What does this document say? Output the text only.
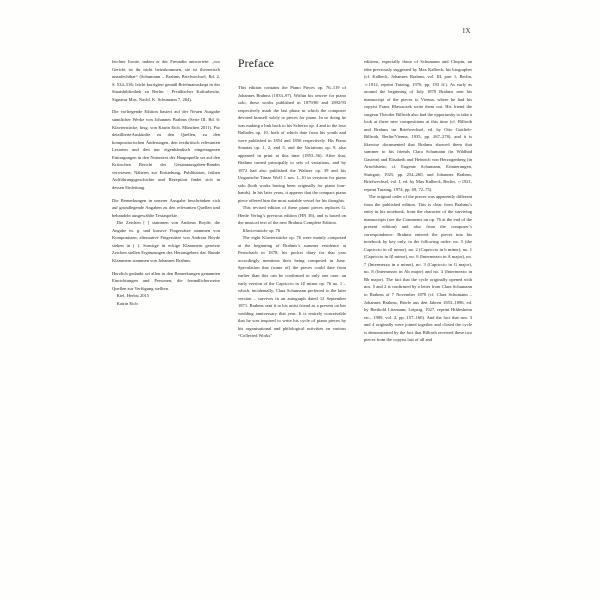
IX

leichter Ironie, indem er der Freundin antwortete: „vor Gericht ist ihr nicht beizukommen, sie ist theoretisch unanfechtbar“ (Schumann – Brahms Briefwechsel, Bd. 2, S. 534–536; leicht korrigiert gemäß Briefmanuskript in der Staatsbibliothek zu Berlin · Preußischer Kulturbesitz, Signatur Mus. Nachl. K. Schumann 7, 284).

Die vorliegende Edition basiert auf der Neuen Ausgabe sämtlicher Werke von Johannes Brahms (Serie III, Bd. 6: Klavierstücke, hrsg. von Katrin Eich, München 2011). Für detaillierteAuskünfte zu den Quellen, zu den kompositorischen Änderungen, den textkritisch relevanten Lesarten und den nur eigenhändisch eingetragenen Eintragungen in den Notentext der Hauptquelle sei auf den Kritischen Bericht des Gesamtausgaben-Bandes verwiesen; Näheres zur Entstehung, Publikation, frühen Aufführungsgeschichte und Rezeption findet sich in dessen Einleitung.

Die Bemerkungen in unserer Ausgabe beschränken sich auf grundlegende Angaben zu den relevanten Quellen und behandeln ausgewählte Textaspekte.

Die Zeichen [ ] stammen von Andreas Boyde, die Angabe m. g. und kursive Fingersätze stammen von Komponisten; alternative Fingersätze von Andreas Boyde stehen in ( ). Sonstige in eckige Klammern gesetzte Zeichen stellen Ergänzungen des Herausgebers dar. Runde Klammern stammen von Johannes Brahms.

Herzlich gedankt sei allen in den Bemerkungen genannten Einrichtungen und Personen, die freundlicherweise Quellen zur Verfügung stellten.

Kiel, Herbst 2015

Katrin Eich

Preface

This edition contains the Piano Pieces op. 76–119 of Johannes Brahms (1833–97). Within his oeuvre for piano solo, these works published in 1879/80 and 1892/93 respectively mark the last phase in which the composer devoted himself solely to pieces for piano. In so doing he was making a link back to his Scherzo op. 4 and to the four Ballades op. 10, both of which date from his youth and were published in 1854 and 1856 respectively. His Piano Sonatas op. 1, 2, and 5, and the Variations op. 9, also appeared in print at this time (1853–56). After that, Brahms turned principally to sets of variations, and by 1872 had also published the Waltzer op. 39 and his Ungarische Tänze WoO 1 nos. 1–10 in versions for piano solo (both works having been originally for piano four-hands). In his later years, it appears that the compact piano piece offered him the most suitable vessel for his thoughts.

This revised edition of these piano pieces replaces G. Henle Verlag’s previous edition (HN 36), and is based on the musical text of the new Brahms Complete Edition.

Klavierstücke op. 76

The eight Klavierstücke op. 76 were mainly composed at the beginning of Brahms’s summer residence at Pertschach in 1878; his pocket diary for that year accordingly mentions their being composed in June. Speculation that (some of) the pieces could date from earlier than this can be confirmed in only one case: an early version of the Capriccio in f♯ minor op. 76 no. 1 – which, incidentally, Clara Schumann preferred to the later version – survives in an autograph dated 12 September 1871. Brahms sent it to his artist friend as a present on her wedding anniversary that year. It is entirely conceivable that he was inspired to write his cycle of piano pieces by his organisational and philological activities on various “Collected Works”

editions, especially those of Schumann and Chopin, an idea previously suggested by Max Kalbeck, his biographer (cf. Kalbeck, Johannes Brahms, vol. III, part 1, Berlin, ⇔1912, reprint Tutzing, 1976, pp. 193 ff.). As early as around the beginning of July 1878 Brahms sent his manuscript of the pieces to Vienna, where he had his copyist Franz Hlawaczek write them out. His friend the surgeon Theodor Billroth also had the opportunity to take a look at these new compositions at this time (cf. Billroth und Brahms im Briefwechsel, ed. by Otto Gottlieb-Billroth, Berlin/Vienna, 1935, pp. 267–278), and it is likewise documented that Brahms showed them that summer to his friends Clara Schumann (in Wildbad Gastein) and Elisabeth and Heinrich von Herzogenberg (in Arnoldstein; cf. Eugenie Schumann, Erinnerungen, Stuttgart, 1925, pp. 254–260, and Johannes Brahms, Briefwechsel, vol. I, ed. by Max Kalbeck, Berlin, ⇔1921, reprint Tutzing, 1974, pp. 69, 72–75).

The original order of the pieces was apparently different from the published edition. This is clear from Brahms’s entry in his notebook, from the character of the surviving manuscripts (see the Comments on op. 76 at the end of the present edition) and also from the composer’s correspondence. Brahms entered the pieces into his notebook by key only, in the following order: no. 5 (the Capriccio in c♯ minor), no. 2 (Capriccio in b minor), no. 1 (Capriccio in f♯ minor), no. 6 (Intermezzo in A major), no. 7 (Intermezzo in a minor), no. 3 (Capriccio in G major), no. 8 (Intermezzo in Ab major) and no. 4 (Intermezzo in Bb major). The fact that the cycle originally opened with nos. 5 and 2 is confirmed by a letter from Clara Schumann to Brahms of 7 November 1878 (cf. Clara Schumann – Johannes Brahms, Briefe aus den Jahren 1853–1896, ed. by Berthold Litzmann, Leipzig, 1927, reprint Hildesheim etc., 1989, vol. 2, pp. 157–160). And the fact that nos. 3 and 4 originally were joined together and closed the cycle is demonstrated by the fact that Billroth received these two pieces from the copyist last of all and
